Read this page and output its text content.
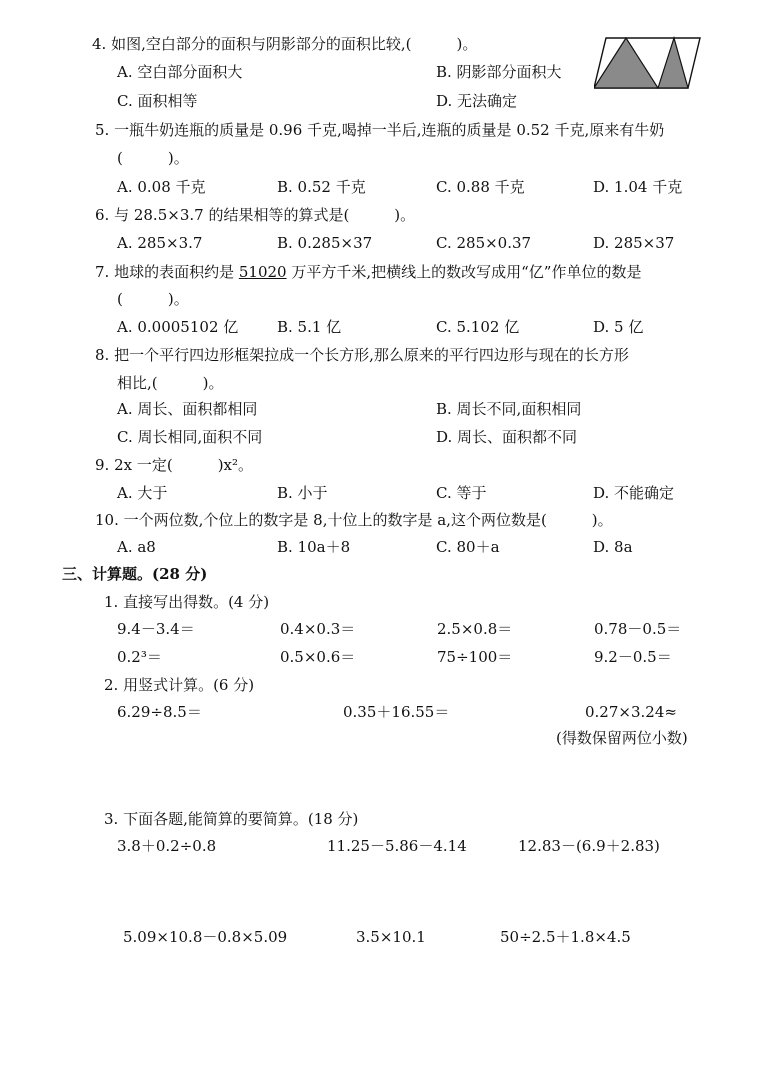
4. 如图,空白部分的面积与阴影部分的面积比较,(　　　)。
A. 空白部分面积大	B. 阴影部分面积大
C. 面积相等	D. 无法确定
5. 一瓶牛奶连瓶的质量是 0.96 千克,喝掉一半后,连瓶的质量是 0.52 千克,原来有牛奶
(　　　)。
A. 0.08 千克	B. 0.52 千克	C. 0.88 千克	D. 1.04 千克
6. 与 28.5×3.7 的结果相等的算式是(　　　)。
A. 285×3.7	B. 0.285×37	C. 285×0.37	D. 285×37
7. 地球的表面积约是 51020 万平方千米,把横线上的数改写成用“亿”作单位的数是
(　　　)。
A. 0.0005102 亿	B. 5.1 亿	C. 5.102 亿	D. 5 亿
8. 把一个平行四边形框架拉成一个长方形,那么原来的平行四边形与现在的长方形
相比,(　　　)。
A. 周长、面积都相同	B. 周长不同,面积相同
C. 周长相同,面积不同	D. 周长、面积都不同
9. 2x 一定(　　　)x²。
A. 大于	B. 小于	C. 等于	D. 不能确定
10. 一个两位数,个位上的数字是 8,十位上的数字是 a,这个两位数是(　　　)。
A. a8	B. 10a＋8	C. 80＋a	D. 8a
三、计算题。(28 分)
1. 直接写出得数。(4 分)
9.4－3.4＝	0.4×0.3＝	2.5×0.8＝	0.78－0.5＝
0.2³＝	0.5×0.6＝	75÷100＝	9.2－0.5＝
2. 用竖式计算。(6 分)
6.29÷8.5＝	0.35＋16.55＝	0.27×3.24≈
(得数保留两位小数)
3. 下面各题,能简算的要简算。(18 分)
3.8＋0.2÷0.8	11.25－5.86－4.14	12.83－(6.9＋2.83)
5.09×10.8－0.8×5.09	3.5×10.1	50÷2.5＋1.8×4.5
